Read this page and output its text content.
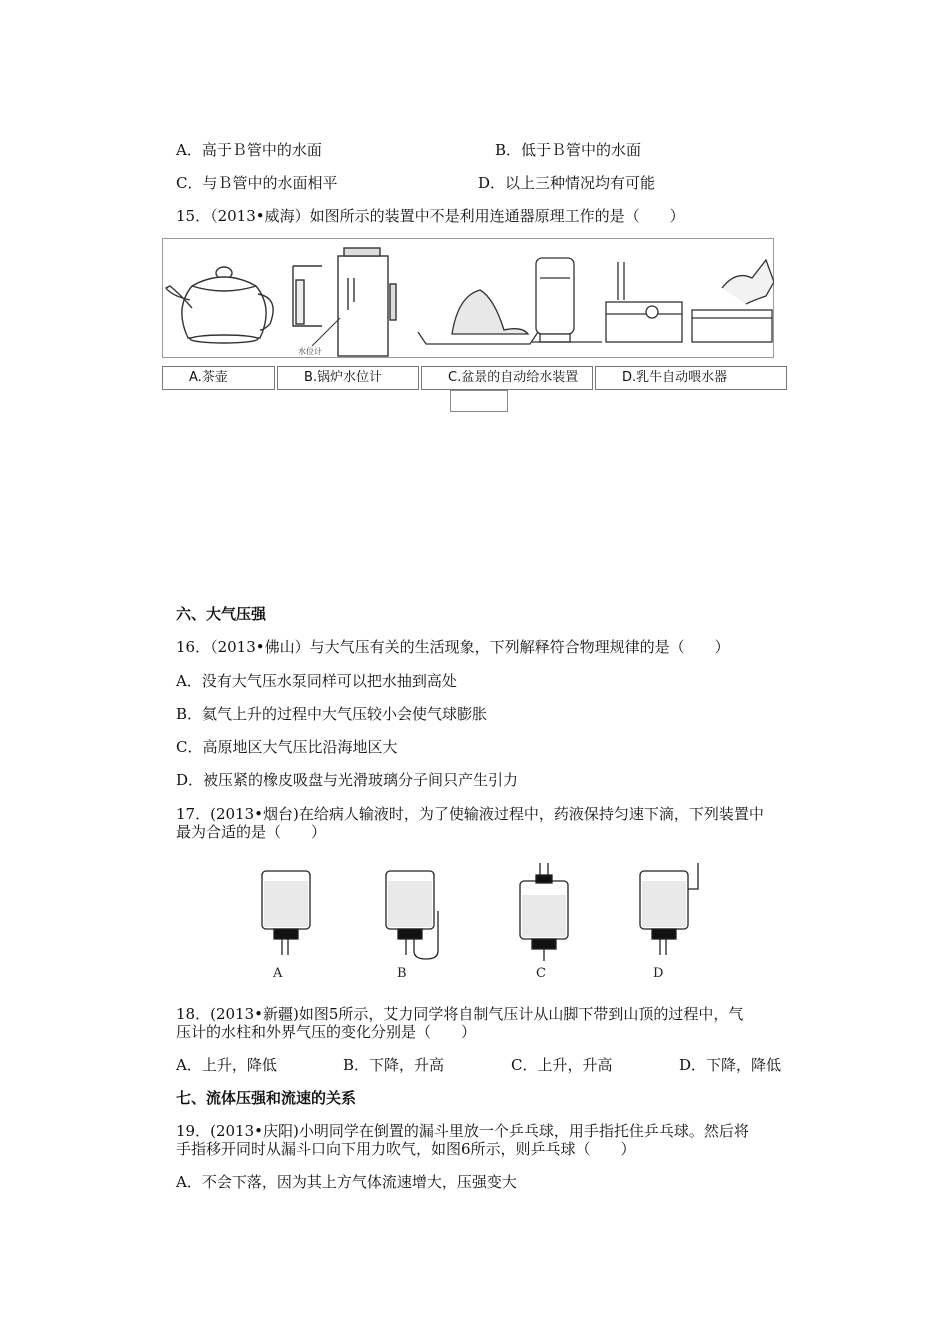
A．高于Ｂ管中的水面	B．低于Ｂ管中的水面
C．与Ｂ管中的水面相平	D．以上三种情况均有可能
15．（2013•威海）如图所示的装置中不是利用连通器原理工作的是（　　）
水位计
A.茶壶	B.锅炉水位计	C.盆景的自动给水装置	D.乳牛自动喂水器
六、大气压强
16．（2013•佛山）与大气压有关的生活现象，下列解释符合物理规律的是（　　）
A．没有大气压水泵同样可以把水抽到高处
B．氦气上升的过程中大气压较小会使气球膨胀
C．高原地区大气压比沿海地区大
D．被压紧的橡皮吸盘与光滑玻璃分子间只产生引力
17．(2013•烟台)在给病人输液时，为了使输液过程中，药液保持匀速下滴，下列装置中
最为合适的是（　　）
A	B	C	D
18．(2013•新疆)如图5所示，艾力同学将自制气压计从山脚下带到山顶的过程中，气
压计的水柱和外界气压的变化分别是（　　）
A．上升，降低	B．下降，升高	C．上升，升高	D．下降，降低
七、流体压强和流速的关系
19．(2013•庆阳)小明同学在倒置的漏斗里放一个乒乓球，用手指托住乒乓球。然后将
手指移开同时从漏斗口向下用力吹气，如图6所示，则乒乓球（　　）
A．不会下落，因为其上方气体流速增大，压强变大
